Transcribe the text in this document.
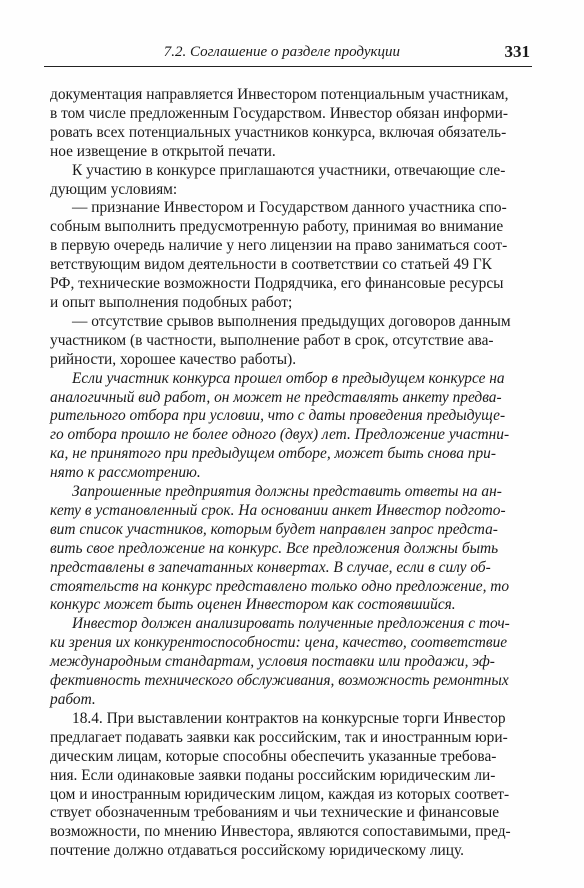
7.2. Соглашение о разделе продукции	331

документация направляется Инвестором потенциальным участникам,
в том числе предложенным Государством. Инвестор обязан информи-
ровать всех потенциальных участников конкурса, включая обязатель-
ное извещение в открытой печати.

К участию в конкурсе приглашаются участники, отвечающие сле-
дующим условиям:

— признание Инвестором и Государством данного участника спо-
собным выполнить предусмотренную работу, принимая во внимание
в первую очередь наличие у него лицензии на право заниматься соот-
ветствующим видом деятельности в соответствии со статьей 49 ГК
РФ, технические возможности Подрядчика, его финансовые ресурсы
и опыт выполнения подобных работ;

— отсутствие срывов выполнения предыдущих договоров данным
участником (в частности, выполнение работ в срок, отсутствие ава-
рийности, хорошее качество работы).

Если участник конкурса прошел отбор в предыдущем конкурсе на
аналогичный вид работ, он может не представлять анкету предва-
рительного отбора при условии, что с даты проведения предыдуще-
го отбора прошло не более одного (двух) лет. Предложение участни-
ка, не принятого при предыдущем отборе, может быть снова при-
нято к рассмотрению.

Запрошенные предприятия должны представить ответы на ан-
кету в установленный срок. На основании анкет Инвестор подгото-
вит список участников, которым будет направлен запрос предста-
вить свое предложение на конкурс. Все предложения должны быть
представлены в запечатанных конвертах. В случае, если в силу об-
стоятельств на конкурс представлено только одно предложение, то
конкурс может быть оценен Инвестором как состоявшийся.

Инвестор должен анализировать полученные предложения с точ-
ки зрения их конкурентоспособности: цена, качество, соответствие
международным стандартам, условия поставки или продажи, эф-
фективность технического обслуживания, возможность ремонтных
работ.

18.4. При выставлении контрактов на конкурсные торги Инвестор
предлагает подавать заявки как российским, так и иностранным юри-
дическим лицам, которые способны обеспечить указанные требова-
ния. Если одинаковые заявки поданы российским юридическим ли-
цом и иностранным юридическим лицом, каждая из которых соответ-
ствует обозначенным требованиям и чьи технические и финансовые
возможности, по мнению Инвестора, являются сопоставимыми, пред-
почтение должно отдаваться российскому юридическому лицу.
